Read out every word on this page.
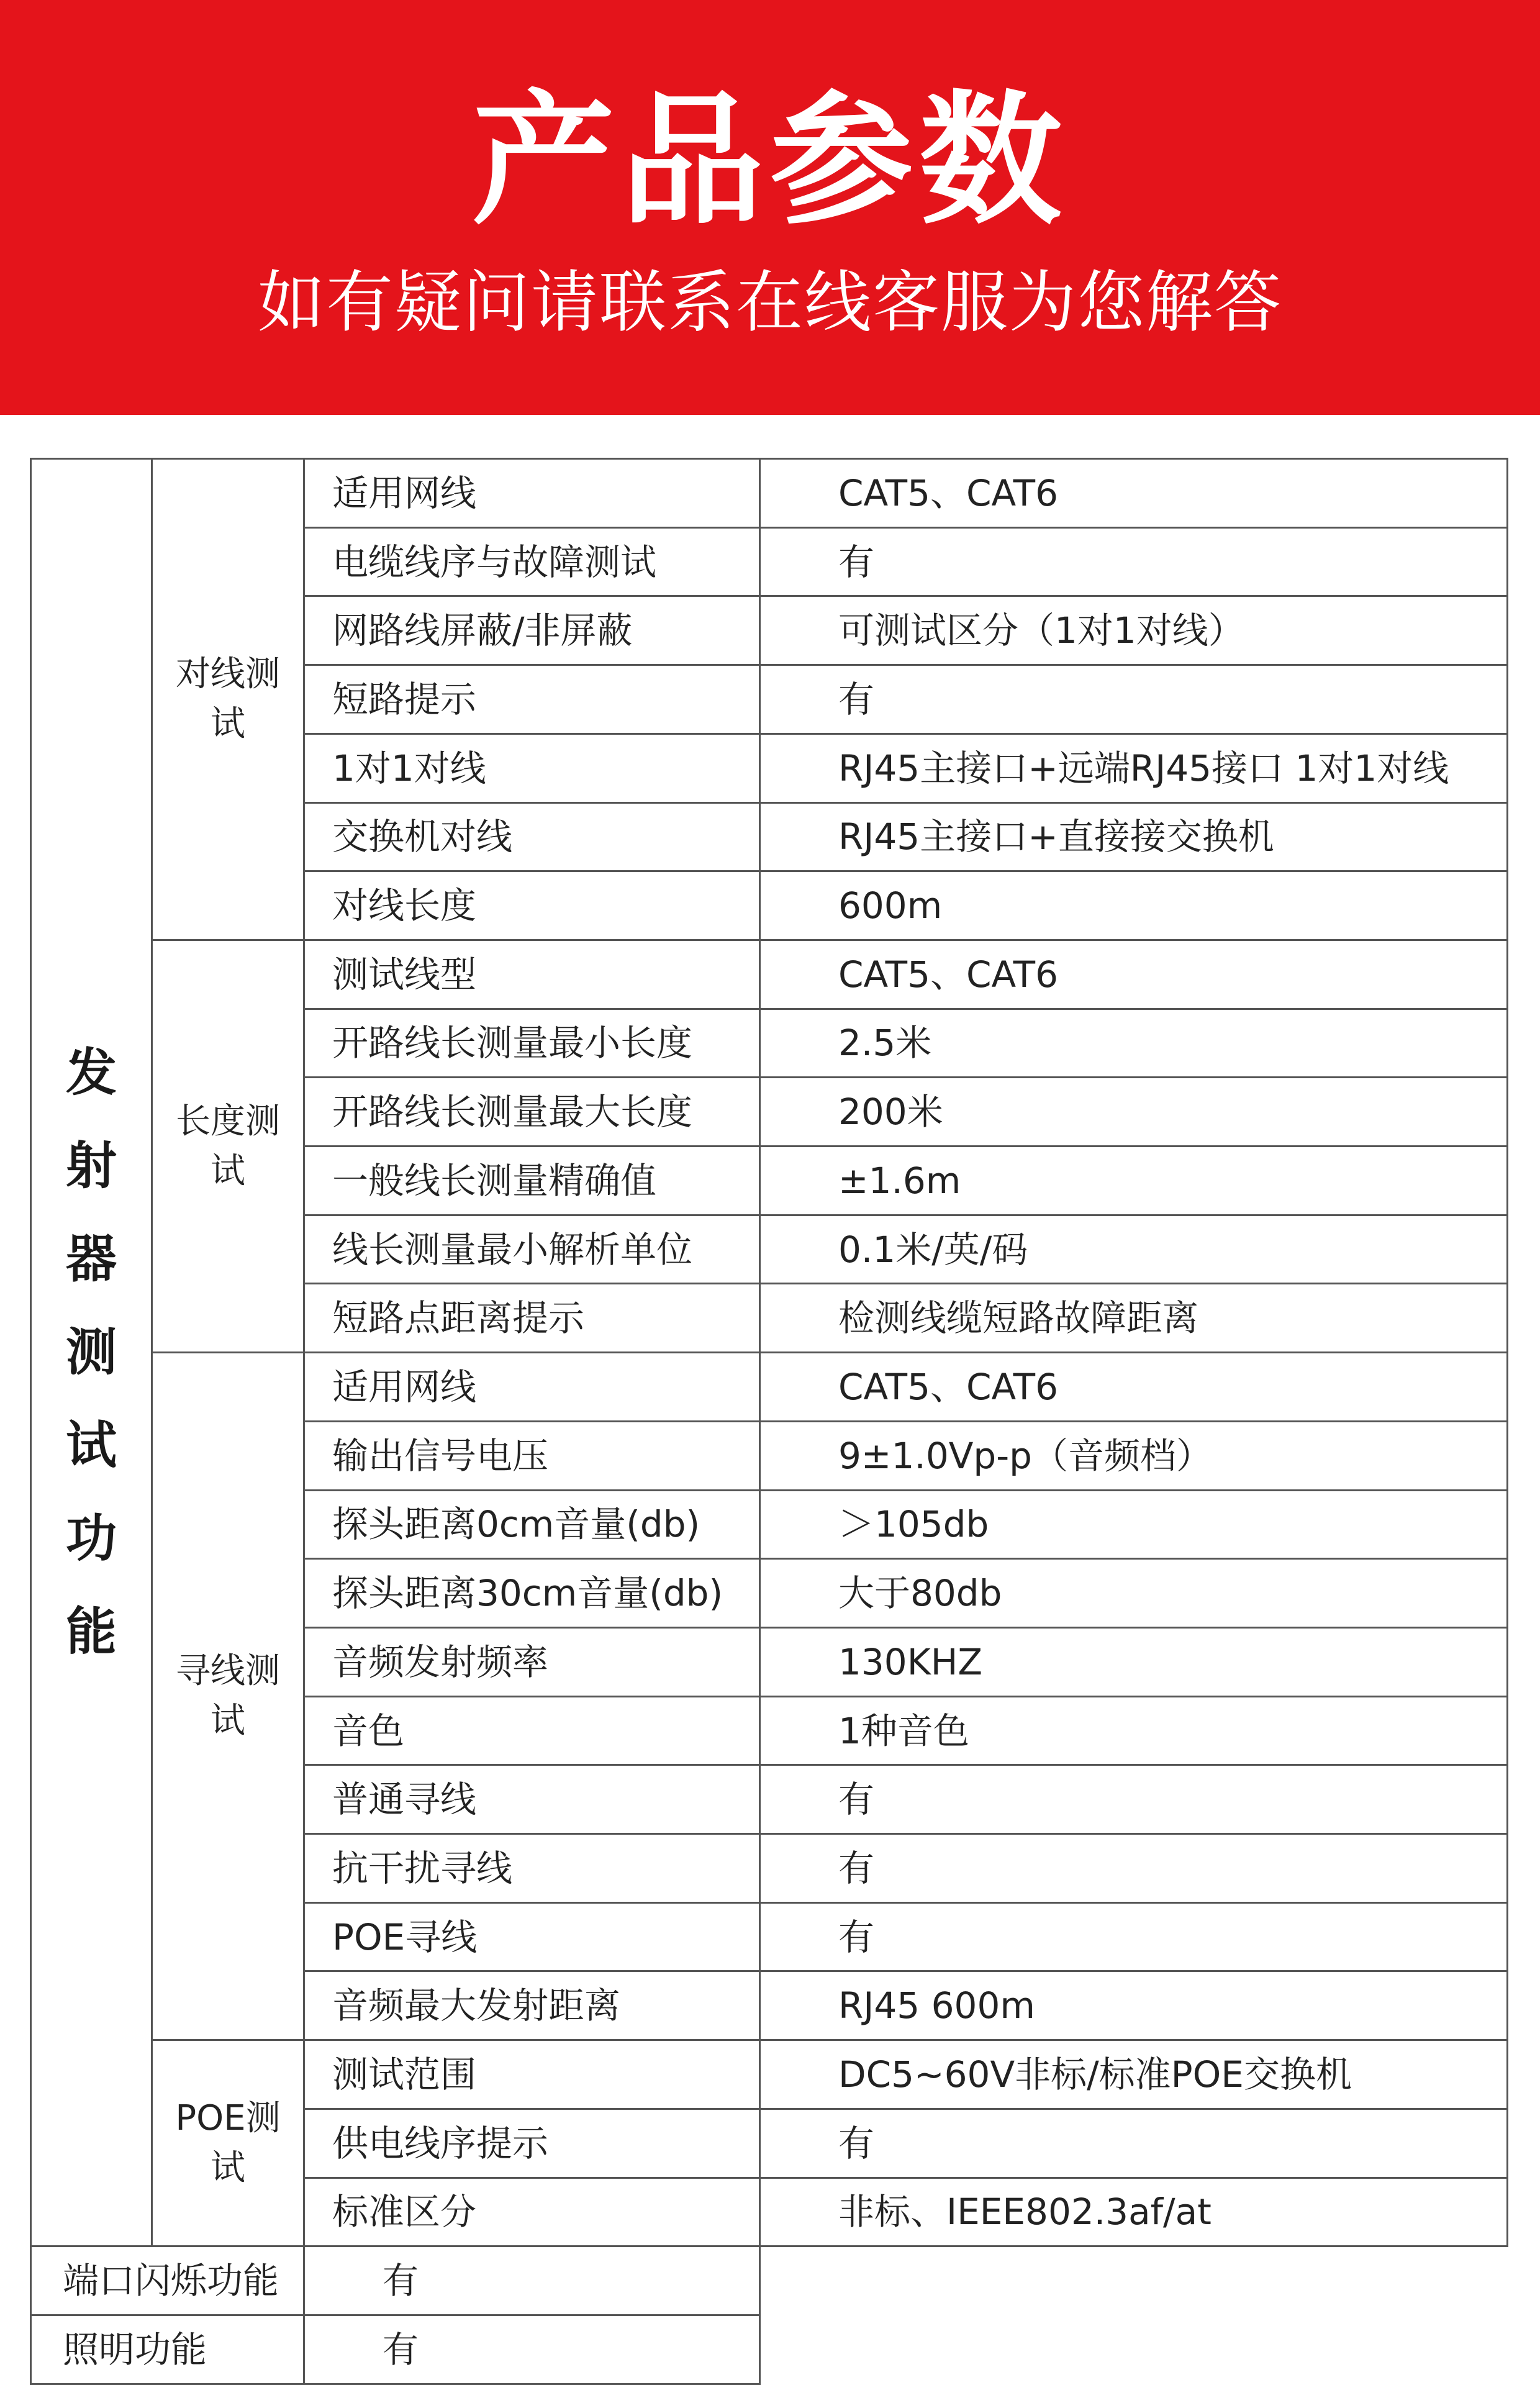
产品参数
如有疑问请联系在线客服为您解答
发射器测试功能	对线测试	适用网线	CAT5、CAT6
		电缆线序与故障测试	有
		网路线屏蔽/非屏蔽	可测试区分（1对1对线）
		短路提示	有
		1对1对线	RJ45主接口+远端RJ45接口 1对1对线
		交换机对线	RJ45主接口+直接接交换机
		对线长度	600m
	长度测试	测试线型	CAT5、CAT6
		开路线长测量最小长度	2.5米
		开路线长测量最大长度	200米
		一般线长测量精确值	±1.6m
		线长测量最小解析单位	0.1米/英/码
		短路点距离提示	检测线缆短路故障距离
	寻线测试	适用网线	CAT5、CAT6
		输出信号电压	9±1.0Vp-p（音频档）
		探头距离0cm音量(db)	＞105db
		探头距离30cm音量(db)	大于80db
		音频发射频率	130KHZ
		音色	1种音色
		普通寻线	有
		抗干扰寻线	有
		POE寻线	有
		音频最大发射距离	RJ45 600m
	POE测试	测试范围	DC5~60V非标/标准POE交换机
		供电线序提示	有
		标准区分	非标、IEEE802.3af/at
端口闪烁功能		有	
照明功能		有	
